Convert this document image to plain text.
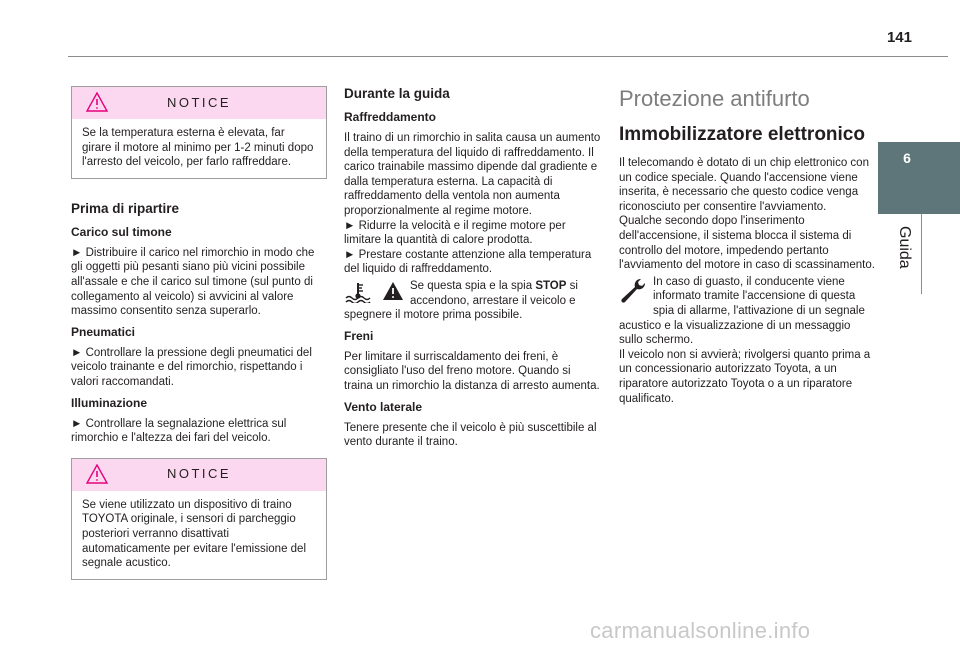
141
6
Guida
NOTICE
Se la temperatura esterna è elevata, far girare il motore al minimo per 1-2 minuti dopo l'arresto del veicolo, per farlo raffreddare.
Prima di ripartire
Carico sul timone

► Distribuire il carico nel rimorchio in modo che gli oggetti più pesanti siano più vicini possibile all'assale e che il carico sul timone (sul punto di collegamento al veicolo) si avvicini al valore massimo consentito senza superarlo.

Pneumatici

► Controllare la pressione degli pneumatici del veicolo trainante e del rimorchio, rispettando i valori raccomandati.

Illuminazione

► Controllare la segnalazione elettrica sul rimorchio e l'altezza dei fari del veicolo.

NOTICE
Se viene utilizzato un dispositivo di traino TOYOTA originale, i sensori di parcheggio posteriori verranno disattivati automaticamente per evitare l'emissione del segnale acustico.
Durante la guida
Raffreddamento

Il traino di un rimorchio in salita causa un aumento della temperatura del liquido di raffreddamento. Il carico trainabile massimo dipende dal gradiente e dalla temperatura esterna. La capacità di raffreddamento della ventola non aumenta proporzionalmente al regime motore.
► Ridurre la velocità e il regime motore per limitare la quantità di calore prodotta.
► Prestare costante attenzione alla temperatura del liquido di raffreddamento.

Se questa spia e la spia STOP si accendono, arrestare il veicolo e spegnere il motore prima possibile.
Freni

Per limitare il surriscaldamento dei freni, è consigliato l'uso del freno motore. Quando si traina un rimorchio la distanza di arresto aumenta.

Vento laterale

Tenere presente che il veicolo è più suscettibile al vento durante il traino.

Protezione antifurto
Immobilizzatore elettronico

Il telecomando è dotato di un chip elettronico con un codice speciale. Quando l'accensione viene inserita, è necessario che questo codice venga riconosciuto per consentire l'avviamento.
Qualche secondo dopo l'inserimento dell'accensione, il sistema blocca il sistema di controllo del motore, impedendo pertanto l'avviamento del motore in caso di scassinamento.

In caso di guasto, il conducente viene informato tramite l'accensione di questa spia di allarme, l'attivazione di un segnale acustico e la visualizzazione di un messaggio sullo schermo.

Il veicolo non si avvierà; rivolgersi quanto prima a un concessionario autorizzato Toyota, a un riparatore autorizzato Toyota o a un riparatore qualificato.

carmanualsonline.info
